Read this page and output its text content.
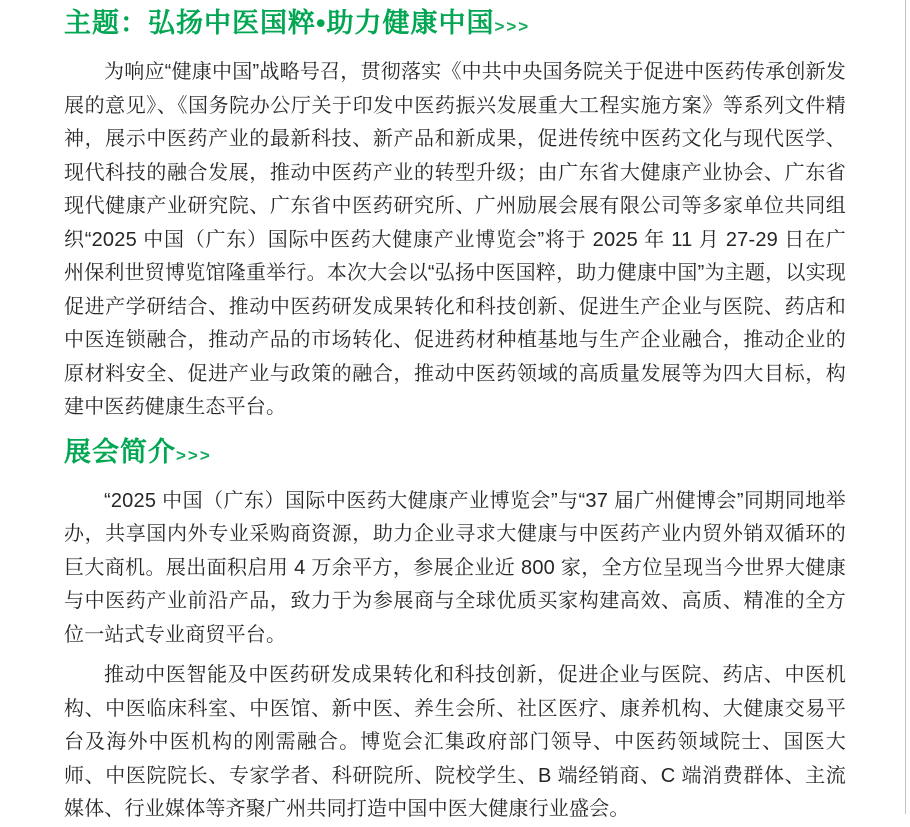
主题：弘扬中医国粹•助力健康中国>>>

为响应“健康中国”战略号召，贯彻落实《中共中央国务院关于促进中医药传承创新发展的意见》、《国务院办公厅关于印发中医药振兴发展重大工程实施方案》等系列文件精神，展示中医药产业的最新科技、新产品和新成果，促进传统中医药文化与现代医学、现代科技的融合发展，推动中医药产业的转型升级；由广东省大健康产业协会、广东省现代健康产业研究院、广东省中医药研究所、广州励展会展有限公司等多家单位共同组织“2025 中国（广东）国际中医药大健康产业博览会”将于 2025 年 11 月 27-29 日在广州保利世贸博览馆隆重举行。本次大会以“弘扬中医国粹，助力健康中国”为主题，以实现促进产学研结合、推动中医药研发成果转化和科技创新、促进生产企业与医院、药店和中医连锁融合，推动产品的市场转化、促进药材种植基地与生产企业融合，推动企业的原材料安全、促进产业与政策的融合，推动中医药领域的高质量发展等为四大目标，构建中医药健康生态平台。

展会简介>>>

“2025 中国（广东）国际中医药大健康产业博览会”与“37 届广州健博会”同期同地举办，共享国内外专业采购商资源，助力企业寻求大健康与中医药产业内贸外销双循环的巨大商机。展出面积启用 4 万余平方，参展企业近 800 家，全方位呈现当今世界大健康与中医药产业前沿产品，致力于为参展商与全球优质买家构建高效、高质、精准的全方位一站式专业商贸平台。

推动中医智能及中医药研发成果转化和科技创新，促进企业与医院、药店、中医机构、中医临床科室、中医馆、新中医、养生会所、社区医疗、康养机构、大健康交易平台及海外中医机构的刚需融合。博览会汇集政府部门领导、中医药领域院士、国医大师、中医院院长、专家学者、科研院所、院校学生、B 端经销商、C 端消费群体、主流媒体、行业媒体等齐聚广州共同打造中国中医大健康行业盛会。
